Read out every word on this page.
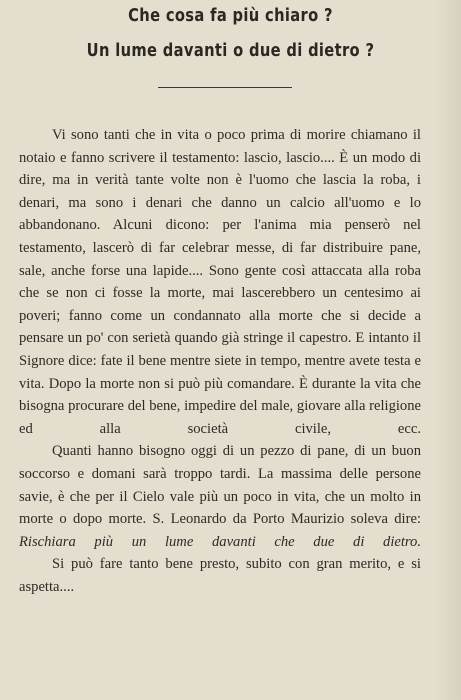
Che cosa fa più chiaro ?
Un lume davanti o due di dietro ?

Vi sono tanti che in vita o poco prima di morire chiamano il notaio e fanno scrivere il testamento: lascio, lascio.... È un modo di dire, ma in verità tante volte non è l'uomo che lascia la roba, i denari, ma sono i denari che danno un calcio all'uomo e lo abbandonano. Alcuni dicono: per l'anima mia penserò nel testamento, lascerò di far celebrar messe, di far distribuire pane, sale, anche forse una lapide.... Sono gente così attaccata alla roba che se non ci fosse la morte, mai lascerebbero un centesimo ai poveri; fanno come un condannato alla morte che si decide a pensare un po' con serietà quando già stringe il capestro. E intanto il Signore dice: fate il bene mentre siete in tempo, mentre avete testa e vita. Dopo la morte non si può più comandare. È durante la vita che bisogna procurare del bene, impedire del male, giovare alla religione ed alla società civile, ecc.

Quanti hanno bisogno oggi di un pezzo di pane, di un buon soccorso e domani sarà troppo tardi. La massima delle persone savie, è che per il Cielo vale più un poco in vita, che un molto in morte o dopo morte. S. Leonardo da Porto Maurizio soleva dire: Rischiara più un lume davanti che due di dietro.

Si può fare tanto bene presto, subito con gran merito, e si aspetta....
